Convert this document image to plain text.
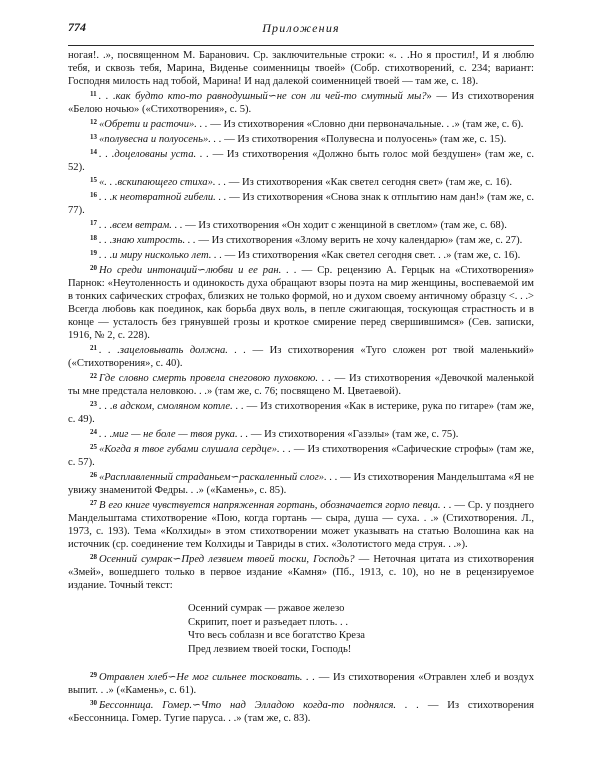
774	Приложения

ногая!. .», посвященном М. Баранович. Ср. заключительные строки: «. . .Но я простил!, И я люблю тебя, и сквозь тебя, Марина, Виденье соименницы твоей» (Собр. стихотворений, с. 234; вариант: Господня милость над тобой, Марина! И над далекой соименницей твоей — там же, с. 18).

$^{11}$ . . .как будто кто-то равнодушный∽не сон ли чей-то смутный мы?» — Из стихотворения «Белою ночью» («Стихотворения», с. 5).

$^{12}$ «Обрети и расточи». . . — Из стихотворения «Словно дни первоначальные. . .» (там же, с. 6).

$^{13}$ «полувесна и полуосень». . . — Из стихотворения «Полувесна и полуосень» (там же, с. 15).

$^{14}$ . . .доцелованы уста. . . — Из стихотворения «Должно быть голос мой бездушен» (там же, с. 52).

$^{15}$ «. . .вскипающего стиха». . . — Из стихотворения «Как светел сегодня свет» (там же, с. 16).

$^{16}$ . . .к неотвратной гибели. . . — Из стихотворения «Снова знак к отплытию нам дан!» (там же, с. 77).

$^{17}$ . . .всем ветрам. . . — Из стихотворения «Он ходит с женщиной в светлом» (там же, с. 68).

$^{18}$ . . .знаю хитрость. . . — Из стихотворения «Злому верить не хочу календарю» (там же, с. 27).

$^{19}$ . . .и миру нисколько лет. . . — Из стихотворения «Как светел сегодня свет. . .» (там же, с. 16).

$^{20}$ Но среди интонаций∽любви и ее ран. . . — Ср. рецензию А. Герцык на «Стихотворения» Парнок: «Неутоленность и одинокость духа обращают взоры поэта на мир женщины, воспеваемой им в тонких сафических строфах, близких не только формой, но и духом своему античному образцу <. . .> Всегда любовь как поединок, как борьба двух воль, в пепле сжигающая, тоскующая страстность и в конце — усталость без грянувшей грозы и кроткое смирение перед свершившимся» (Сев. записки, 1916, № 2, с. 228).

$^{21}$ . . .зацеловывать должна. . . — Из стихотворения «Туго сложен рот твой маленький» («Стихотворения», с. 40).

$^{22}$ Где словно смерть провела снеговою пуховкою. . . — Из стихотворения «Девочкой маленькой ты мне предстала неловкою. . .» (там же, с. 76; посвящено М. Цветаевой).

$^{23}$ . . .в адском, смоляном котле. . . — Из стихотворения «Как в истерике, рука по гитаре» (там же, с. 49).

$^{24}$ . . .миг — не боле — твоя рука. . . — Из стихотворения «Газэлы» (там же, с. 75).

$^{25}$ «Когда я твое губами слушала сердце». . . — Из стихотворения «Сафические строфы» (там же, с. 57).

$^{26}$ «Расплавленный страданьем∽раскаленный слог». . . — Из стихотворения Мандельштама «Я не увижу знаменитой Федры. . .» («Камень», с. 85).

$^{27}$ В его книге чувствуется напряженная гортань, обозначается горло певца. . . — Ср. у позднего Мандельштама стихотворение «Пою, когда гортань — сыра, душа — суха. . .» (Стихотворения. Л., 1973, с. 193). Тема «Колхиды» в этом стихотворении может указывать на статью Волошина как на источник (ср. соединение тем Колхиды и Тавриды в стих. «Золотистого меда струя. . .»).

$^{28}$ Осенний сумрак∽Пред лезвием твоей тоски, Господь? — Неточная цитата из стихотворения «Змей», вошедшего только в первое издание «Камня» (Пб., 1913, с. 10), но не в рецензируемое издание. Точный текст:

Осенний сумрак — ржавое железо
Скрипит, поет и разъедает плоть. . .
Что весь соблазн и все богатство Креза
Пред лезвием твоей тоски, Господь!

$^{29}$ Отравлен хлеб∽Не мог сильнее тосковать. . . — Из стихотворения «Отравлен хлеб и воздух выпит. . .» («Камень», с. 61).

$^{30}$ Бессонница. Гомер.∽Что над Элладою когда-то поднялся. . . — Из стихотворения «Бессонница. Гомер. Тугие паруса. . .» (там же, с. 83).
